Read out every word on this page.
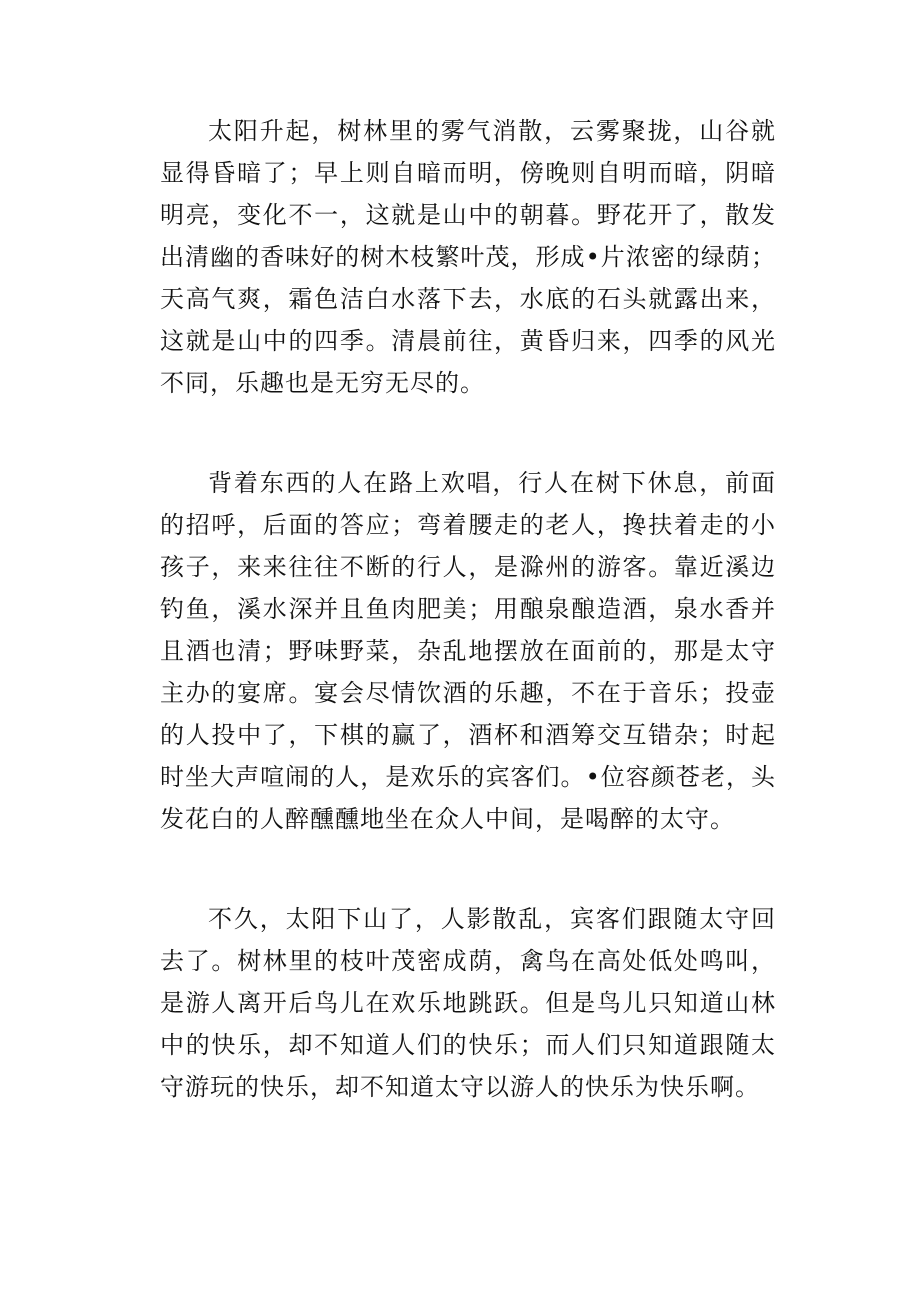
太阳升起，树林里的雾气消散，云雾聚拢，山谷就显得昏暗了；早上则自暗而明，傍晚则自明而暗，阴暗明亮，变化不一，这就是山中的朝暮。野花开了，散发出清幽的香味好的树木枝繁叶茂，形成•片浓密的绿荫；天高气爽，霜色洁白水落下去，水底的石头就露出来，这就是山中的四季。清晨前往，黄昏归来，四季的风光不同，乐趣也是无穷无尽的。

背着东西的人在路上欢唱，行人在树下休息，前面的招呼，后面的答应；弯着腰走的老人，搀扶着走的小孩子，来来往往不断的行人，是滁州的游客。靠近溪边钓鱼，溪水深并且鱼肉肥美；用酿泉酿造酒，泉水香并且酒也清；野味野菜，杂乱地摆放在面前的，那是太守主办的宴席。宴会尽情饮酒的乐趣，不在于音乐；投壶的人投中了，下棋的赢了，酒杯和酒筹交互错杂；时起时坐大声喧闹的人，是欢乐的宾客们。•位容颜苍老，头发花白的人醉醺醺地坐在众人中间，是喝醉的太守。

不久，太阳下山了，人影散乱，宾客们跟随太守回去了。树林里的枝叶茂密成荫，禽鸟在高处低处鸣叫，是游人离开后鸟儿在欢乐地跳跃。但是鸟儿只知道山林中的快乐，却不知道人们的快乐；而人们只知道跟随太守游玩的快乐，却不知道太守以游人的快乐为快乐啊。
